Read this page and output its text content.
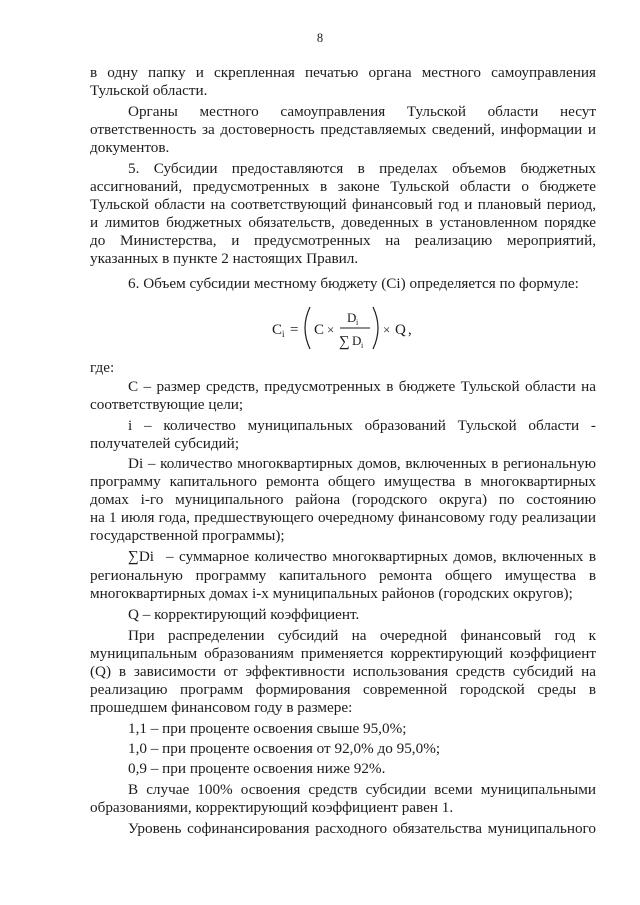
8
в одну папку и скрепленная печатью органа местного самоуправления
Тульской области.
Органы местного самоуправления Тульской области несут
ответственность за достоверность представляемых сведений, информации и
документов.
5. Субсидии предоставляются в пределах объемов бюджетных
ассигнований, предусмотренных в законе Тульской области о бюджете
Тульской области на соответствующий финансовый год и плановый период,
и лимитов бюджетных обязательств, доведенных в установленном порядке
до Министерства, и предусмотренных на реализацию мероприятий,
указанных в пункте 2 настоящих Правил.
6. Объем субсидии местному бюджету (Ci) определяется по формуле:
C i = C ×
D i
∑ D i
× Q ,
где:
С – размер средств, предусмотренных в бюджете Тульской области на
соответствующие цели;
i – количество муниципальных образований Тульской области -
получателей субсидий;
Di – количество многоквартирных домов, включенных в региональную
программу капитального ремонта общего имущества в многоквартирных
домах i-го муниципального района (городского округа) по состоянию
на 1 июля года, предшествующего очередному финансовому году реализации
государственной программы);
∑Di – суммарное количество многоквартирных домов, включенных в
региональную программу капитального ремонта общего имущества в
многоквартирных домах i-х муниципальных районов (городских округов);
Q – корректирующий коэффициент.
При распределении субсидий на очередной финансовый год к
муниципальным образованиям применяется корректирующий коэффициент
(Q) в зависимости от эффективности использования средств субсидий на
реализацию программ формирования современной городской среды в
прошедшем финансовом году в размере:
1,1 – при проценте освоения свыше 95,0%;
1,0 – при проценте освоения от 92,0% до 95,0%;
0,9 – при проценте освоения ниже 92%.
В случае 100% освоения средств субсидии всеми муниципальными
образованиями, корректирующий коэффициент равен 1.
Уровень софинансирования расходного обязательства муниципального
